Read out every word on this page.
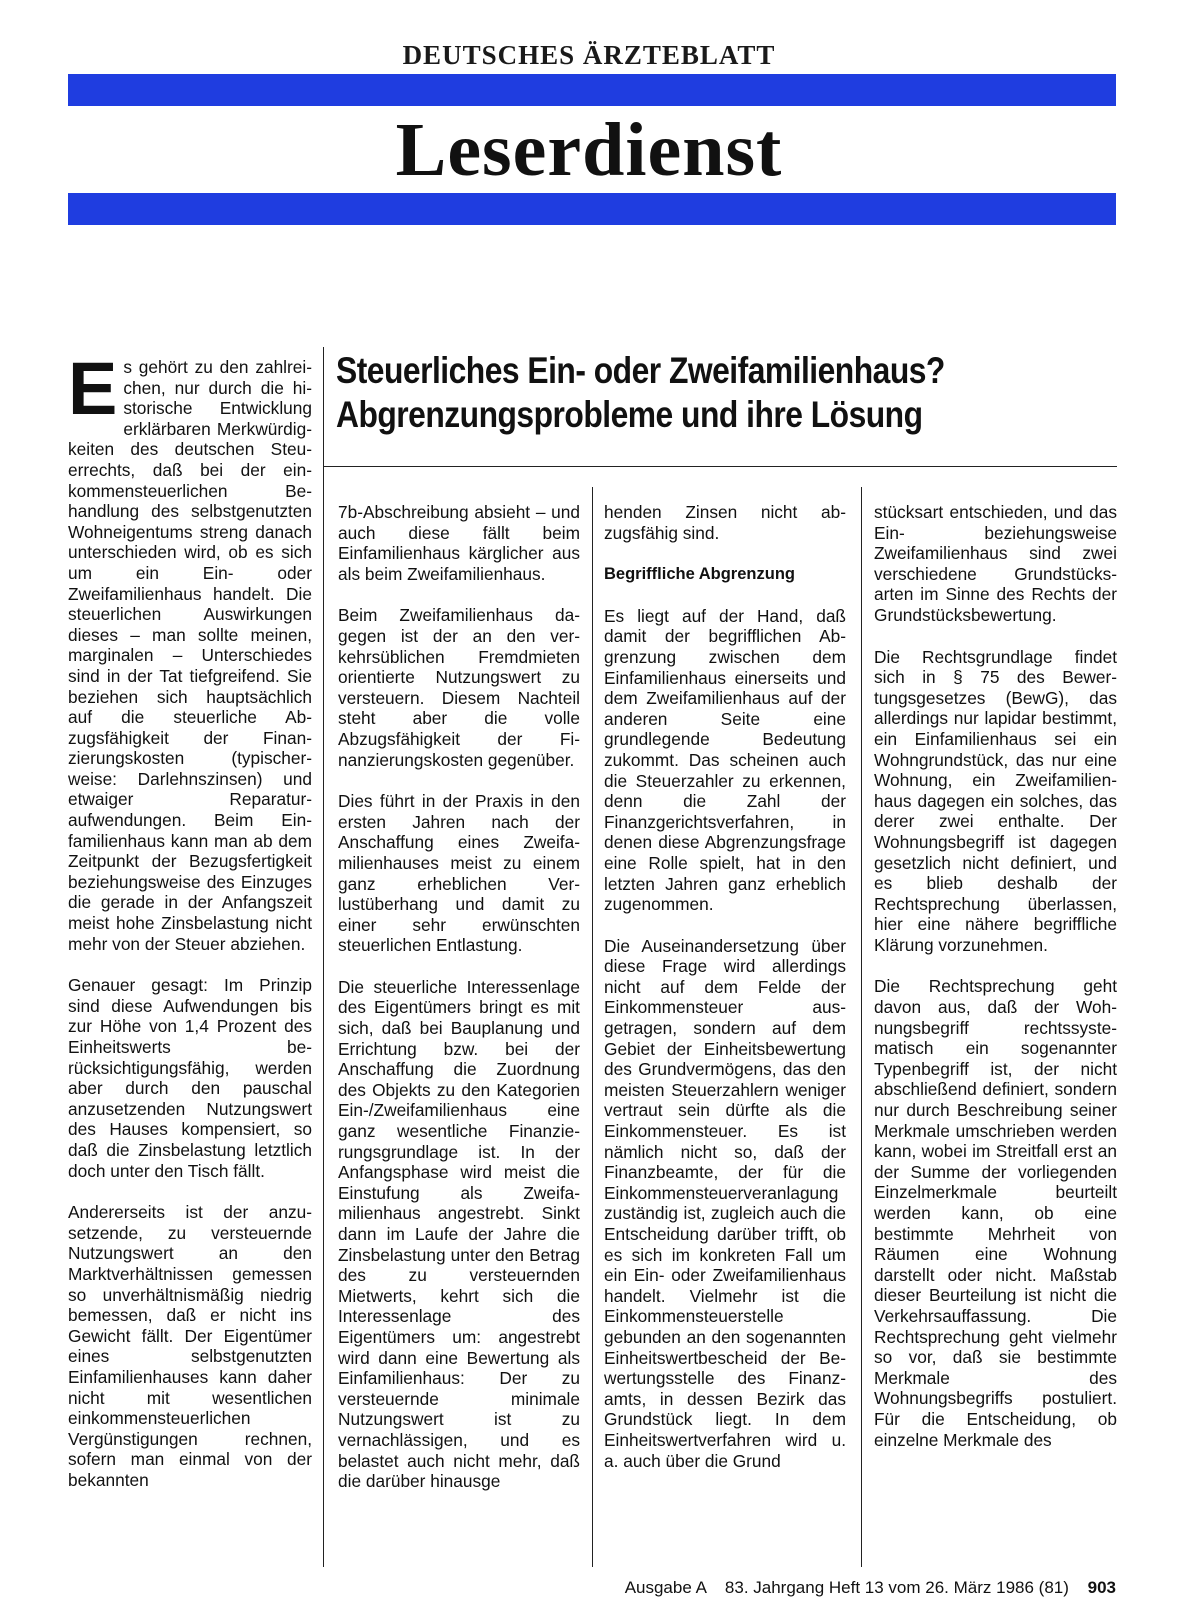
DEUTSCHES ÄRZTEBLATT
Leserdienst

Es gehört zu den zahlreichen, nur durch die historische Entwicklung erklärbaren Merkwürdigkeiten des deutschen Steuerrechts, daß bei der einkommensteuerlichen Behandlung des selbstgenutzten Wohneigentums streng danach unterschieden wird, ob es sich um ein Ein- oder Zweifamilienhaus handelt. Die steuerlichen Auswirkungen dieses – man sollte meinen, marginalen – Unterschiedes sind in der Tat tiefgreifend. Sie beziehen sich hauptsächlich auf die steuerliche Abzugsfähigkeit der Finanzierungskosten (typischerweise: Darlehnszinsen) und etwaiger Reparaturaufwendungen. Beim Einfamilienhaus kann man ab dem Zeitpunkt der Bezugsfertigkeit beziehungsweise des Einzuges die gerade in der Anfangszeit meist hohe Zinsbelastung nicht mehr von der Steuer abziehen.

Genauer gesagt: Im Prinzip sind diese Aufwendungen bis zur Höhe von 1,4 Prozent des Einheitswerts berücksichtigungsfähig, werden aber durch den pauschal anzusetzenden Nutzungswert des Hauses kompensiert, so daß die Zinsbelastung letztlich doch unter den Tisch fällt.

Andererseits ist der anzusetzende, zu versteuernde Nutzungswert an den Marktverhältnissen gemessen so unverhältnismäßig niedrig bemessen, daß er nicht ins Gewicht fällt. Der Eigentümer eines selbstgenutzten Einfamilienhauses kann daher nicht mit wesentlichen einkommensteuerlichen Vergünstigungen rechnen, sofern man einmal von der bekannten

Steuerliches Ein- oder Zweifamilienhaus?
Abgrenzungsprobleme und ihre Lösung

7b-Abschreibung absieht – und auch diese fällt beim Einfamilienhaus kärglicher aus als beim Zweifamilienhaus.

Beim Zweifamilienhaus dagegen ist der an den verkehrsüblichen Fremdmieten orientierte Nutzungswert zu versteuern. Diesem Nachteil steht aber die volle Abzugsfähigkeit der Finanzierungskosten gegenüber.

Dies führt in der Praxis in den ersten Jahren nach der Anschaffung eines Zweifamilienhauses meist zu einem ganz erheblichen Verlustüberhang und damit zu einer sehr erwünschten steuerlichen Entlastung.

Die steuerliche Interessenlage des Eigentümers bringt es mit sich, daß bei Bauplanung und Errichtung bzw. bei der Anschaffung die Zuordnung des Objekts zu den Kategorien Ein-/Zweifamilienhaus eine ganz wesentliche Finanzierungsgrundlage ist. In der Anfangsphase wird meist die Einstufung als Zweifamilienhaus angestrebt. Sinkt dann im Laufe der Jahre die Zinsbelastung unter den Betrag des zu versteuernden Mietwerts, kehrt sich die Interessenlage des Eigentümers um: angestrebt wird dann eine Bewertung als Einfamilienhaus: Der zu versteuernde minimale Nutzungswert ist zu vernachlässigen, und es belastet auch nicht mehr, daß die darüber hinausge

henden Zinsen nicht abzugsfähig sind.

Begriffliche Abgrenzung

Es liegt auf der Hand, daß damit der begrifflichen Abgrenzung zwischen dem Einfamilienhaus einerseits und dem Zweifamilienhaus auf der anderen Seite eine grundlegende Bedeutung zukommt. Das scheinen auch die Steuerzahler zu erkennen, denn die Zahl der Finanzgerichtsverfahren, in denen diese Abgrenzungsfrage eine Rolle spielt, hat in den letzten Jahren ganz erheblich zugenommen.

Die Auseinandersetzung über diese Frage wird allerdings nicht auf dem Felde der Einkommensteuer ausgetragen, sondern auf dem Gebiet der Einheitsbewertung des Grundvermögens, das den meisten Steuerzahlern weniger vertraut sein dürfte als die Einkommensteuer. Es ist nämlich nicht so, daß der Finanzbeamte, der für die Einkommensteuerveranlagung zuständig ist, zugleich auch die Entscheidung darüber trifft, ob es sich im konkreten Fall um ein Ein- oder Zweifamilienhaus handelt. Vielmehr ist die Einkommensteuerstelle gebunden an den sogenannten Einheitswertbescheid der Bewertungsstelle des Finanzamts, in dessen Bezirk das Grundstück liegt. In dem Einheitswertverfahren wird u. a. auch über die Grund

stücksart entschieden, und das Ein- beziehungsweise Zweifamilienhaus sind zwei verschiedene Grundstücksarten im Sinne des Rechts der Grundstücksbewertung.

Die Rechtsgrundlage findet sich in § 75 des Bewertungsgesetzes (BewG), das allerdings nur lapidar bestimmt, ein Einfamilienhaus sei ein Wohngrundstück, das nur eine Wohnung, ein Zweifamilienhaus dagegen ein solches, das derer zwei enthalte. Der Wohnungsbegriff ist dagegen gesetzlich nicht definiert, und es blieb deshalb der Rechtsprechung überlassen, hier eine nähere begriffliche Klärung vorzunehmen.

Die Rechtsprechung geht davon aus, daß der Wohnungsbegriff rechtssystematisch ein sogenannter Typenbegriff ist, der nicht abschließend definiert, sondern nur durch Beschreibung seiner Merkmale umschrieben werden kann, wobei im Streitfall erst an der Summe der vorliegenden Einzelmerkmale beurteilt werden kann, ob eine bestimmte Mehrheit von Räumen eine Wohnung darstellt oder nicht. Maßstab dieser Beurteilung ist nicht die Verkehrsauffassung. Die Rechtsprechung geht vielmehr so vor, daß sie bestimmte Merkmale des Wohnungsbegriffs postuliert. Für die Entscheidung, ob einzelne Merkmale des

Ausgabe A 83. Jahrgang Heft 13 vom 26. März 1986 (81) 903
